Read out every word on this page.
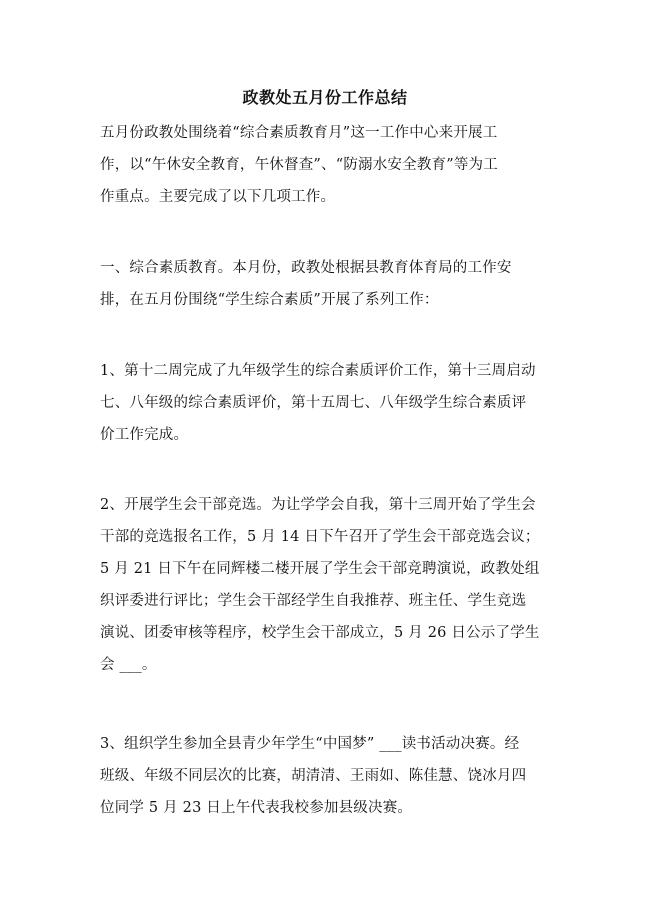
政教处五月份工作总结
五月份政教处围绕着“综合素质教育月”这一工作中心来开展工
作，以“午休安全教育，午休督查”、“防溺水安全教育”等为工
作重点。主要完成了以下几项工作。
一、综合素质教育。本月份，政教处根据县教育体育局的工作安
排，在五月份围绕“学生综合素质”开展了系列工作：
1、第十二周完成了九年级学生的综合素质评价工作，第十三周启动
七、八年级的综合素质评价，第十五周七、八年级学生综合素质评
价工作完成。
2、开展学生会干部竞选。为让学学会自我，第十三周开始了学生会
干部的竞选报名工作，5 月 14 日下午召开了学生会干部竞选会议；
5 月 21 日下午在同辉楼二楼开展了学生会干部竞聘演说，政教处组
织评委进行评比；学生会干部经学生自我推荐、班主任、学生竞选
演说、团委审核等程序，校学生会干部成立，5 月 26 日公示了学生
会 ___。
3、组织学生参加全县青少年学生“中国梦” ___读书活动决赛。经
班级、年级不同层次的比赛，胡清清、王雨如、陈佳慧、饶冰月四
位同学 5 月 23 日上午代表我校参加县级决赛。
